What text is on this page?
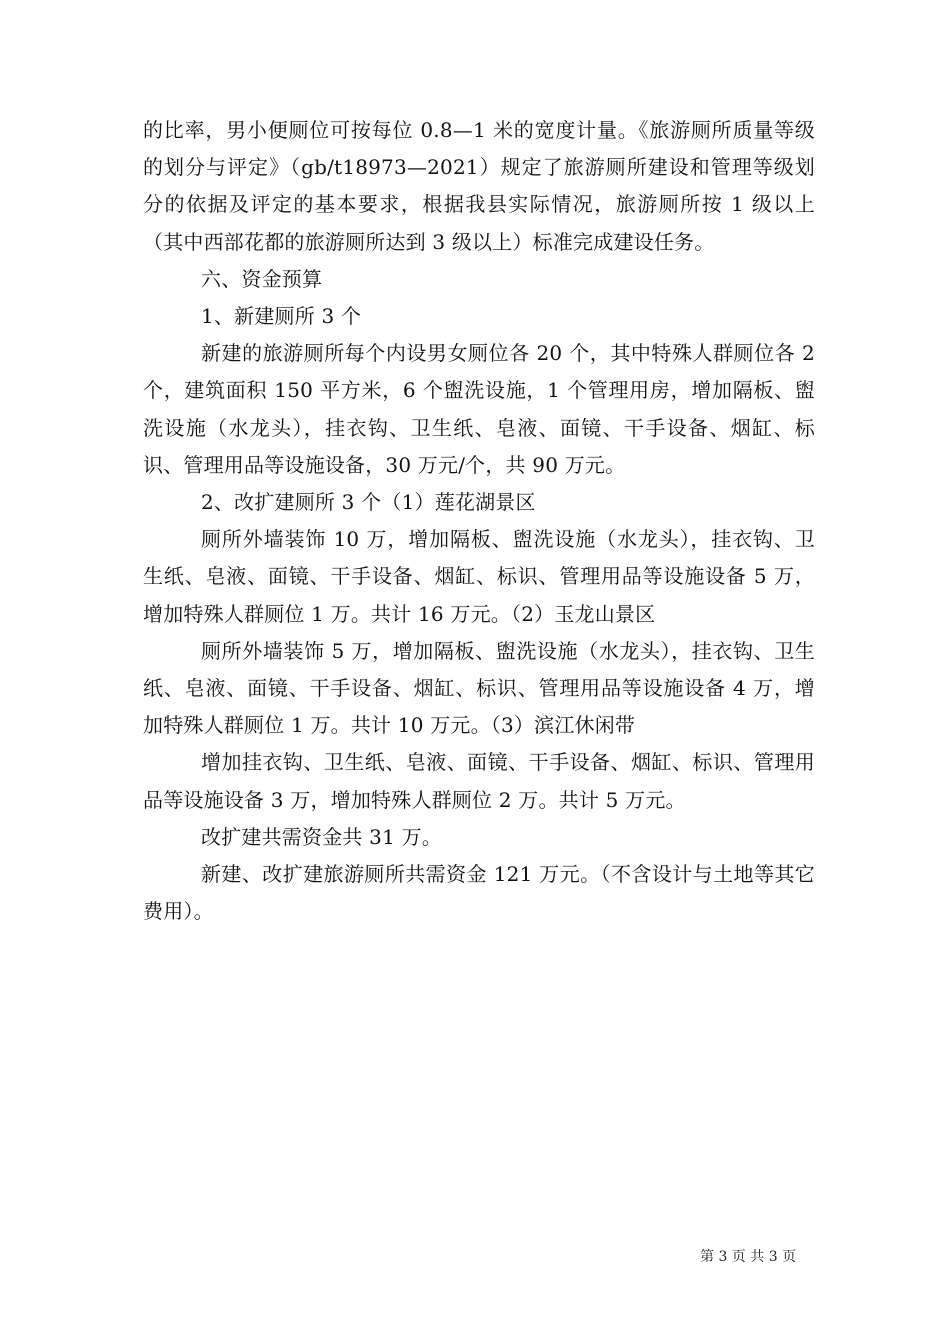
的比率，男小便厕位可按每位 0.8—1 米的宽度计量。《旅游厕所质量等级的划分与评定》（gb/t18973—2021）规定了旅游厕所建设和管理等级划分的依据及评定的基本要求，根据我县实际情况，旅游厕所按 1 级以上（其中西部花都的旅游厕所达到 3 级以上）标准完成建设任务。

六、资金预算

1、新建厕所 3 个

新建的旅游厕所每个内设男女厕位各 20 个，其中特殊人群厕位各 2 个，建筑面积 150 平方米，6 个盥洗设施，1 个管理用房，增加隔板、盥洗设施（水龙头），挂衣钩、卫生纸、皂液、面镜、干手设备、烟缸、标识、管理用品等设施设备，30 万元/个，共 90 万元。

2、改扩建厕所 3 个（1）莲花湖景区

厕所外墙装饰 10 万，增加隔板、盥洗设施（水龙头），挂衣钩、卫生纸、皂液、面镜、干手设备、烟缸、标识、管理用品等设施设备 5 万，增加特殊人群厕位 1 万。共计 16 万元。（2）玉龙山景区

厕所外墙装饰 5 万，增加隔板、盥洗设施（水龙头），挂衣钩、卫生纸、皂液、面镜、干手设备、烟缸、标识、管理用品等设施设备 4 万，增加特殊人群厕位 1 万。共计 10 万元。（3）滨江休闲带

增加挂衣钩、卫生纸、皂液、面镜、干手设备、烟缸、标识、管理用品等设施设备 3 万，增加特殊人群厕位 2 万。共计 5 万元。

改扩建共需资金共 31 万。

新建、改扩建旅游厕所共需资金 121 万元。（不含设计与土地等其它费用）。

第 3 页 共 3 页
